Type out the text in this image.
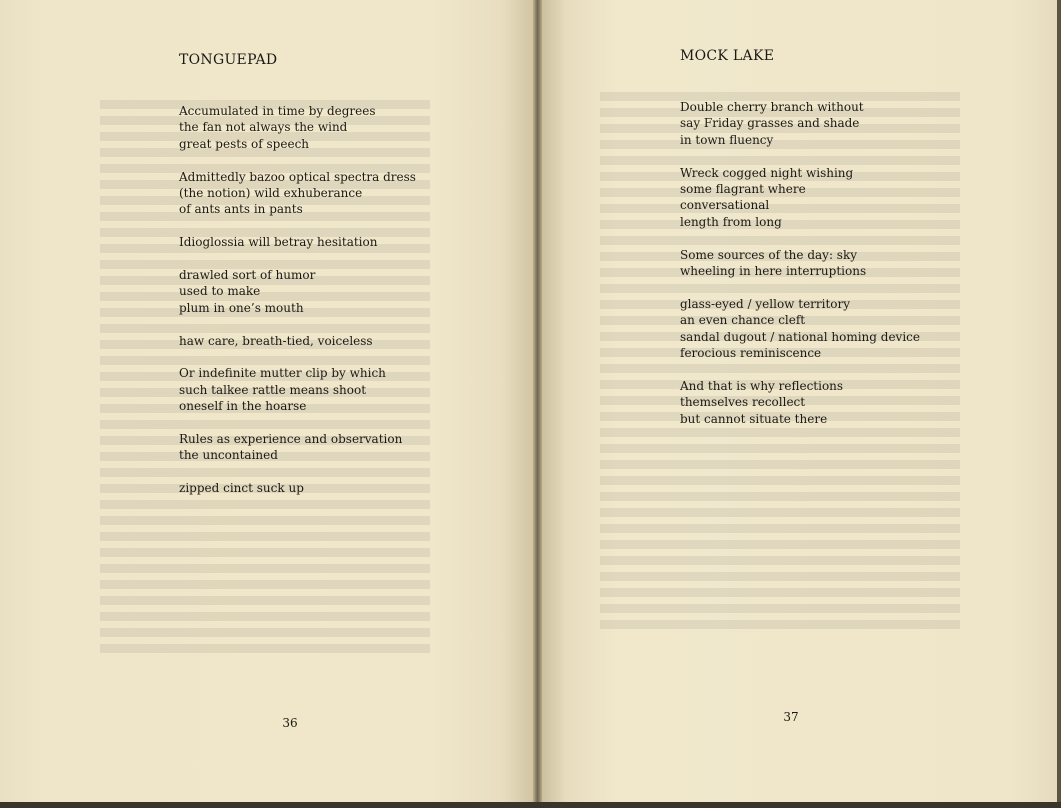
TONGUEPAD

Accumulated in time by degrees
the fan not always the wind
great pests of speech

Admittedly bazoo optical spectra dress
(the notion) wild exhuberance
of ants ants in pants

Idioglossia will betray hesitation

drawled sort of humor
used to make
plum in one’s mouth

haw care, breath-tied, voiceless

Or indefinite mutter clip by which
such talkee rattle means shoot
oneself in the hoarse

Rules as experience and observation
the uncontained

zipped cinct suck up

36
MOCK LAKE

Double cherry branch without
say Friday grasses and shade
in town fluency

Wreck cogged night wishing
some flagrant where
conversational
length from long

Some sources of the day: sky
wheeling in here interruptions

glass-eyed / yellow territory
an even chance cleft
sandal dugout / national homing device
ferocious reminiscence

And that is why reflections
themselves recollect
but cannot situate there

37
